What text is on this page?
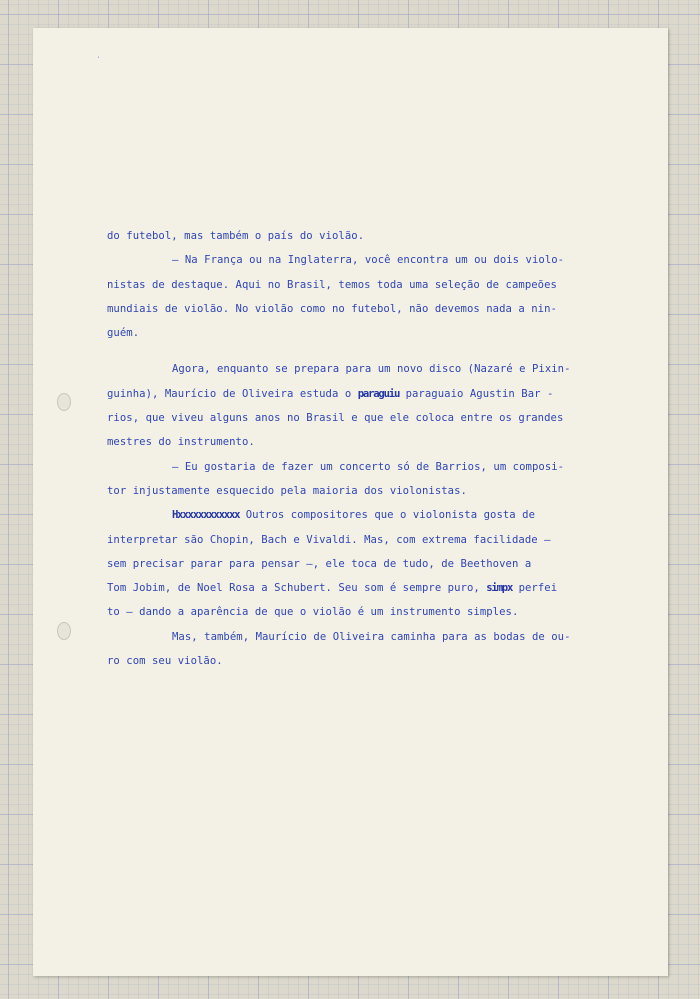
˙
do futebol, mas também o país do violão.
— Na França ou na Inglaterra, você encontra um ou dois violo-
nistas de destaque. Aqui no Brasil, temos toda uma seleção de campeões
mundiais de violão. No violão como no futebol, não devemos nada a nin-
guém.
Agora, enquanto se prepara para um novo disco (Nazaré e Pixin-
guinha), Maurício de Oliveira estuda o paraguiu paraguaio Agustin Bar -
rios, que viveu alguns anos no Brasil e que ele coloca entre os grandes
mestres do instrumento.
— Eu gostaria de fazer um concerto só de Barrios, um composi-
tor injustamente esquecido pela maioria dos violonistas.
Hxxxxxxxxxxxx Outros compositores que o violonista gosta de
interpretar são Chopin, Bach e Vivaldi. Mas, com extrema facilidade —
sem precisar parar para pensar —, ele toca de tudo, de Beethoven a
Tom Jobim, de Noel Rosa a Schubert. Seu som é sempre puro, simpx perfei
to — dando a aparência de que o violão é um instrumento simples.
Mas, também, Maurício de Oliveira caminha para as bodas de ou-
ro com seu violão.
